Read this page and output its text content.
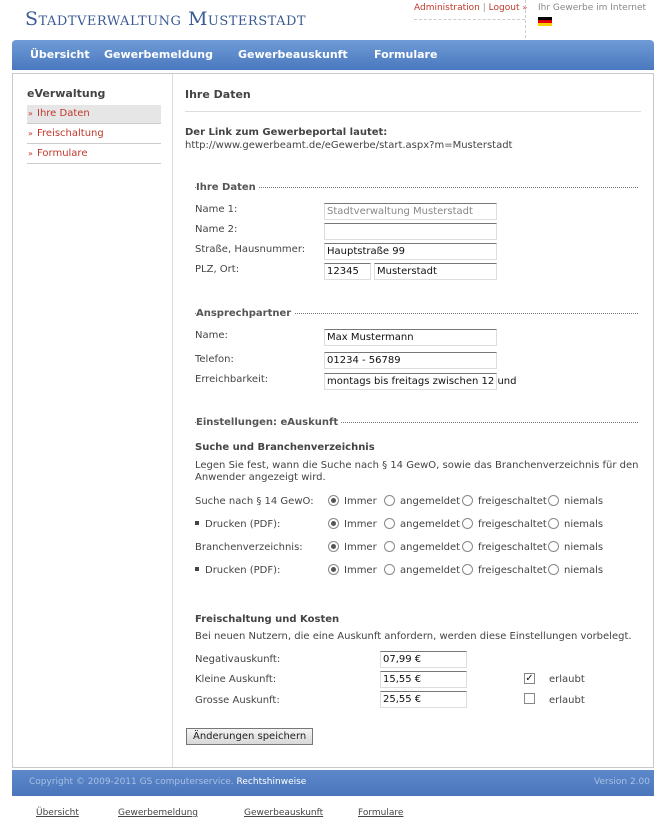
Stadtverwaltung Musterstadt	Administration | Logout » Ihr Gewerbe im Internet
Übersicht Gewerbemeldung Gewerbeauskunft Formulare
eVerwaltung
» Ihre Daten
» Freischaltung
» Formulare
Ihre Daten
Der Link zum Gewerbeportal lautet:
http://www.gewerbeamt.de/eGewerbe/start.aspx?m=Musterstadt
Ihre Daten
Name 1:	Stadtverwaltung Musterstadt
Name 2:
Straße, Hausnummer:	Hauptstraße 99
PLZ, Ort:	12345	Musterstadt
Ansprechpartner
Name:	Max Mustermann
Telefon:	01234 - 56789
Erreichbarkeit:	montags bis freitags zwischen 12 und
Einstellungen: eAuskunft
Suche und Branchenverzeichnis
Legen Sie fest, wann die Suche nach § 14 GewO, sowie das Branchenverzeichnis für den
Anwender angezeigt wird.
Suche nach § 14 GewO:	Immer angemeldet freigeschaltet niemals
Drucken (PDF):	Immer angemeldet freigeschaltet niemals
Branchenverzeichnis:	Immer angemeldet freigeschaltet niemals
Drucken (PDF):	Immer angemeldet freigeschaltet niemals
Freischaltung und Kosten
Bei neuen Nutzern, die eine Auskunft anfordern, werden diese Einstellungen vorbelegt.
Negativauskunft:	07,99 €
Kleine Auskunft:	15,55 €	✓ erlaubt
Grosse Auskunft:	25,55 €	erlaubt
Änderungen speichern
Copyright © 2009-2011 GS computerservice. Rechtshinweise	Version 2.00
Übersicht	Gewerbemeldung	Gewerbeauskunft	Formulare
